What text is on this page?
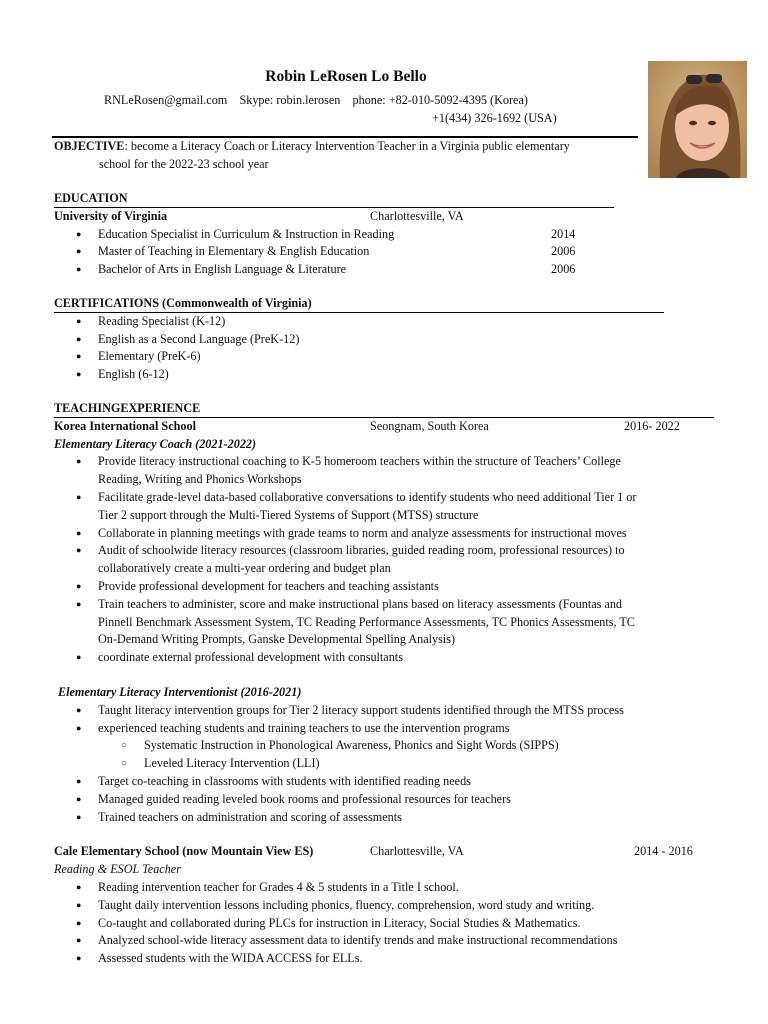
Robin LeRosen Lo Bello
RNLeRosen@gmail.com Skype: robin.lerosen phone: +82-010-5092-4395 (Korea)
+1(434) 326-1692 (USA)
OBJECTIVE: become a Literacy Coach or Literacy Intervention Teacher in a Virginia public elementary
school for the 2022-23 school year
EDUCATION
University of Virginia	Charlottesville, VA
● Education Specialist in Curriculum & Instruction in Reading	2014
● Master of Teaching in Elementary & English Education	2006
● Bachelor of Arts in English Language & Literature	2006
CERTIFICATIONS (Commonwealth of Virginia)
● Reading Specialist (K-12)
● English as a Second Language (PreK-12)
● Elementary (PreK-6)
● English (6-12)
TEACHINGEXPERIENCE
Korea International School	Seongnam, South Korea	2016- 2022
Elementary Literacy Coach (2021-2022)
● Provide literacy instructional coaching to K-5 homeroom teachers within the structure of Teachers’ College
Reading, Writing and Phonics Workshops
● Facilitate grade-level data-based collaborative conversations to identify students who need additional Tier 1 or
Tier 2 support through the Multi-Tiered Systems of Support (MTSS) structure
● Collaborate in planning meetings with grade teams to norm and analyze assessments for instructional moves
● Audit of schoolwide literacy resources (classroom libraries, guided reading room, professional resources) to
collaboratively create a multi-year ordering and budget plan
● Provide professional development for teachers and teaching assistants
● Train teachers to administer, score and make instructional plans based on literacy assessments (Fountas and
Pinnell Benchmark Assessment System, TC Reading Performance Assessments, TC Phonics Assessments, TC
On-Demand Writing Prompts, Ganske Developmental Spelling Analysis)
● coordinate external professional development with consultants
Elementary Literacy Interventionist (2016-2021)
● Taught literacy intervention groups for Tier 2 literacy support students identified through the MTSS process
● experienced teaching students and training teachers to use the intervention programs
○ Systematic Instruction in Phonological Awareness, Phonics and Sight Words (SIPPS)
○ Leveled Literacy Intervention (LLI)
● Target co-teaching in classrooms with students with identified reading needs
● Managed guided reading leveled book rooms and professional resources for teachers
● Trained teachers on administration and scoring of assessments
Cale Elementary School (now Mountain View ES)	Charlottesville, VA	2014 - 2016
Reading & ESOL Teacher
● Reading intervention teacher for Grades 4 & 5 students in a Title I school.
● Taught daily intervention lessons including phonics, fluency, comprehension, word study and writing.
● Co-taught and collaborated during PLCs for instruction in Literacy, Social Studies & Mathematics.
● Analyzed school-wide literacy assessment data to identify trends and make instructional recommendations
● Assessed students with the WIDA ACCESS for ELLs.
